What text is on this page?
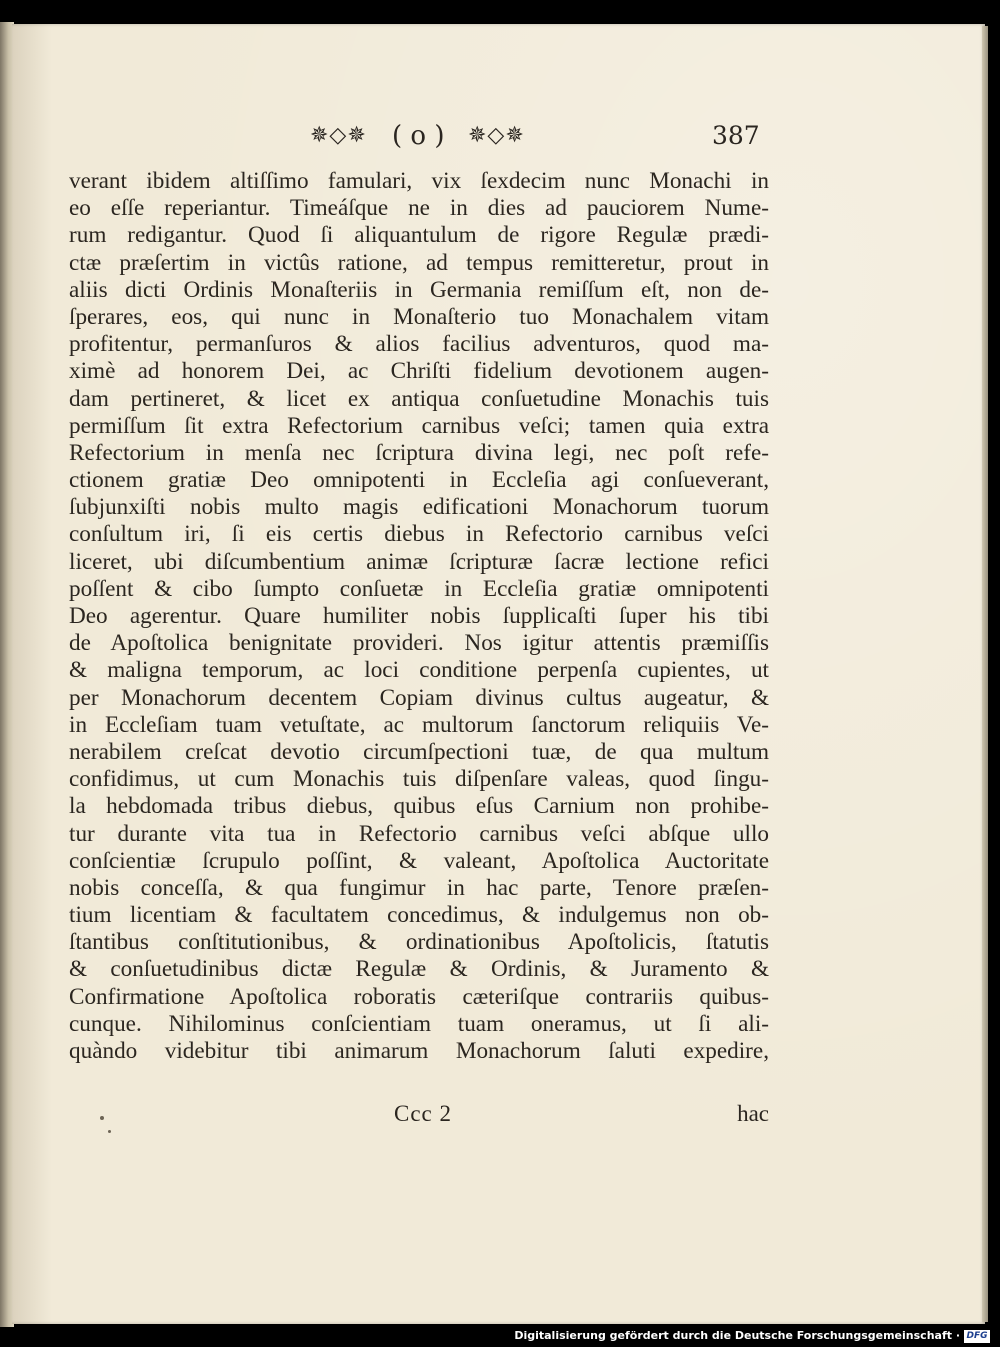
✵◇✵ ( o ) ✵◇✵	387
verant ibidem altiſſimo famulari, vix ſexdecim nunc Monachi in
eo eſſe reperiantur. Timeáſque ne in dies ad pauciorem Nume-
rum redigantur. Quod ſi aliquantulum de rigore Regulæ prædi-
ctæ præſertim in victûs ratione, ad tempus remitteretur, prout in
aliis dicti Ordinis Monaſteriis in Germania remiſſum eſt, non de-
ſperares, eos, qui nunc in Monaſterio tuo Monachalem vitam
profitentur, permanſuros & alios facilius adventuros, quod ma-
ximè ad honorem Dei, ac Chriſti fidelium devotionem augen-
dam pertineret, & licet ex antiqua conſuetudine Monachis tuis
permiſſum ſit extra Refectorium carnibus veſci; tamen quia extra
Refectorium in menſa nec ſcriptura divina legi, nec poſt refe-
ctionem gratiæ Deo omnipotenti in Eccleſia agi conſueverant,
ſubjunxiſti nobis multo magis edificationi Monachorum tuorum
conſultum iri, ſi eis certis diebus in Refectorio carnibus veſci
liceret, ubi diſcumbentium animæ ſcripturæ ſacræ lectione refici
poſſent & cibo ſumpto conſuetæ in Eccleſia gratiæ omnipotenti
Deo agerentur. Quare humiliter nobis ſupplicaſti ſuper his tibi
de Apoſtolica benignitate provideri. Nos igitur attentis præmiſſis
& maligna temporum, ac loci conditione perpenſa cupientes, ut
per Monachorum decentem Copiam divinus cultus augeatur, &
in Eccleſiam tuam vetuſtate, ac multorum ſanctorum reliquiis Ve-
nerabilem creſcat devotio circumſpectioni tuæ, de qua multum
confidimus, ut cum Monachis tuis diſpenſare valeas, quod ſingu-
la hebdomada tribus diebus, quibus eſus Carnium non prohibe-
tur durante vita tua in Refectorio carnibus veſci abſque ullo
conſcientiæ ſcrupulo poſſint, & valeant, Apoſtolica Auctoritate
nobis conceſſa, & qua fungimur in hac parte, Tenore præſen-
tium licentiam & facultatem concedimus, & indulgemus non ob-
ſtantibus conſtitutionibus, & ordinationibus Apoſtolicis, ſtatutis
& conſuetudinibus dictæ Regulæ & Ordinis, & Juramento &
Confirmatione Apoſtolica roboratis cæteriſque contrariis quibus-
cunque. Nihilominus conſcientiam tuam oneramus, ut ſi ali-
quàndo videbitur tibi animarum Monachorum ſaluti expedire,
Ccc 2	hac
Digitalisierung gefördert durch die Deutsche Forschungsgemeinschaft · DFG
